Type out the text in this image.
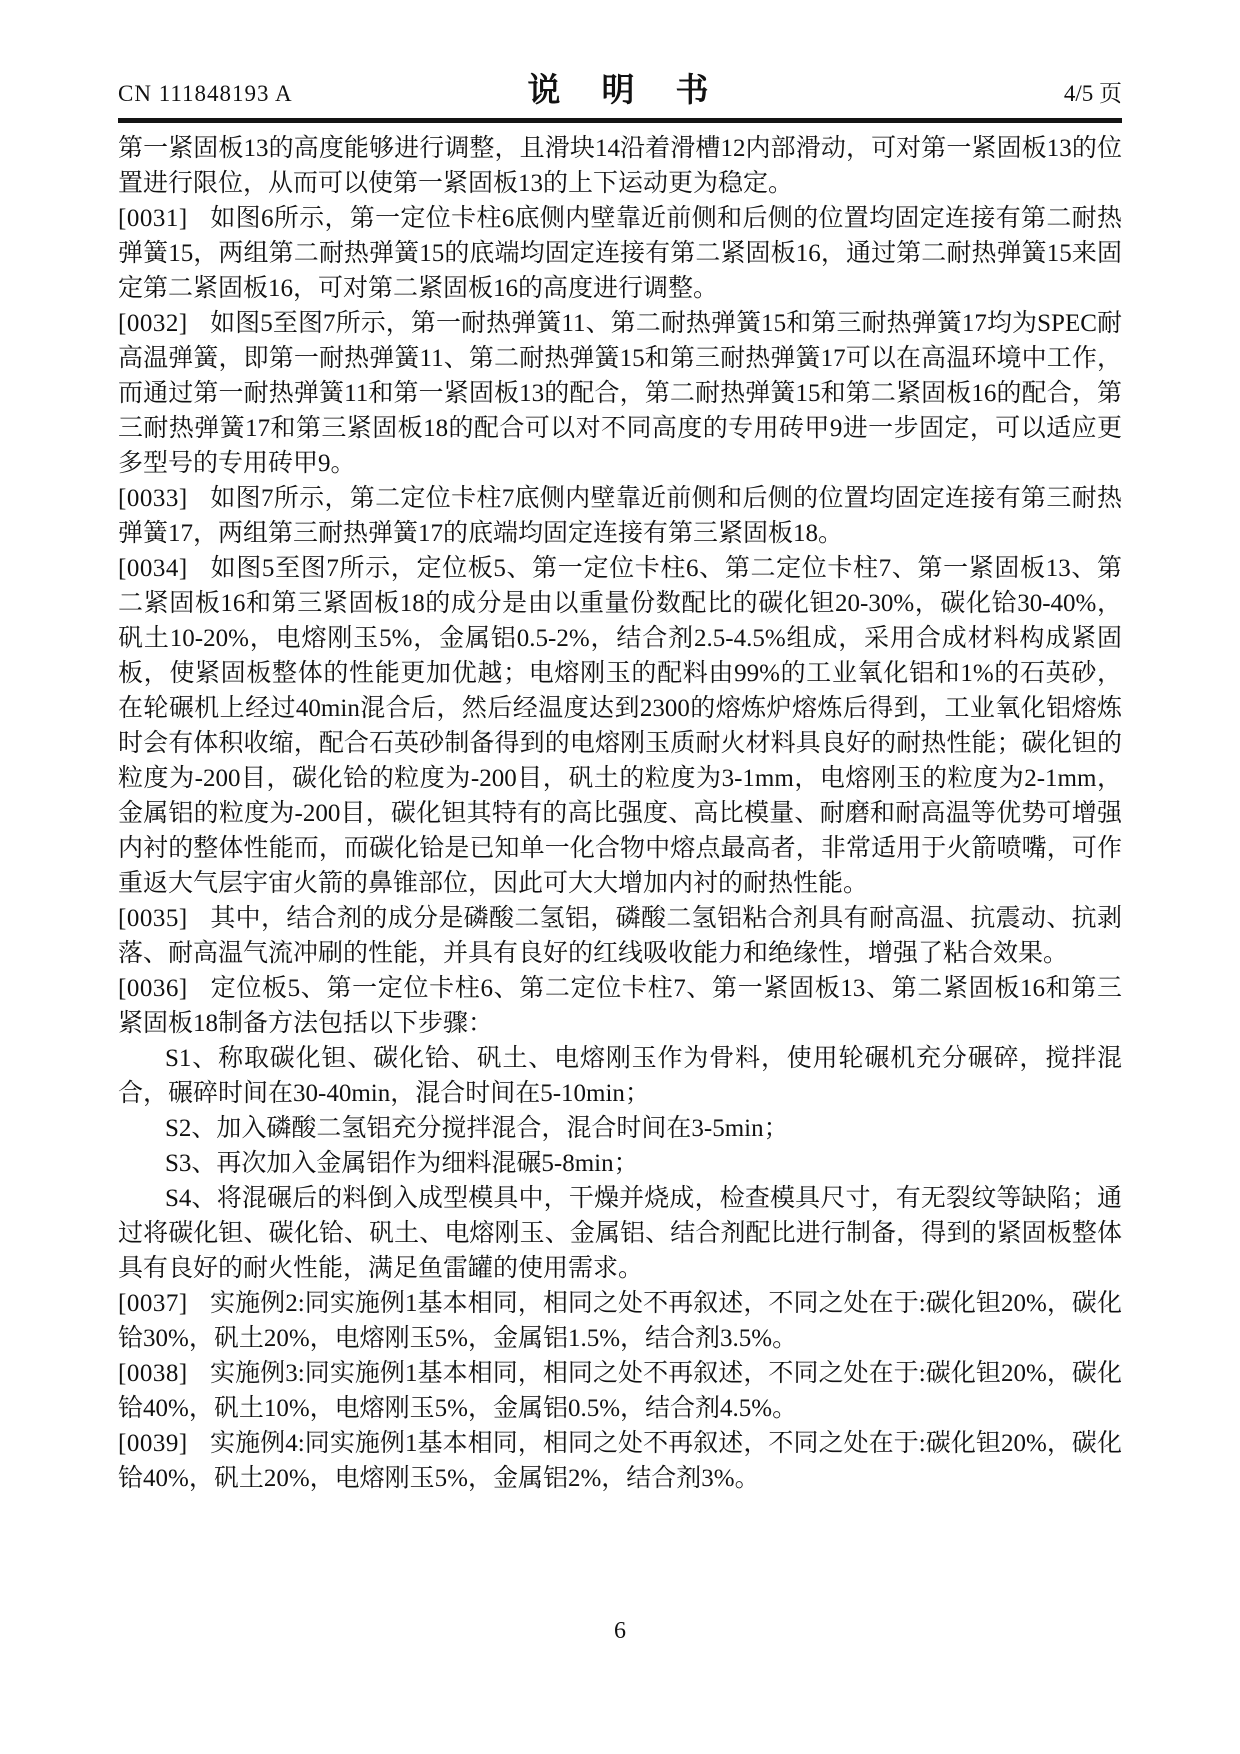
CN 111848193 A	说　明　书	4/5 页

第一紧固板13的高度能够进行调整，且滑块14沿着滑槽12内部滑动，可对第一紧固板13的位置进行限位，从而可以使第一紧固板13的上下运动更为稳定。

[0031] 如图6所示，第一定位卡柱6底侧内壁靠近前侧和后侧的位置均固定连接有第二耐热弹簧15，两组第二耐热弹簧15的底端均固定连接有第二紧固板16，通过第二耐热弹簧15来固定第二紧固板16，可对第二紧固板16的高度进行调整。

[0032] 如图5至图7所示，第一耐热弹簧11、第二耐热弹簧15和第三耐热弹簧17均为SPEC耐高温弹簧，即第一耐热弹簧11、第二耐热弹簧15和第三耐热弹簧17可以在高温环境中工作，而通过第一耐热弹簧11和第一紧固板13的配合，第二耐热弹簧15和第二紧固板16的配合，第三耐热弹簧17和第三紧固板18的配合可以对不同高度的专用砖甲9进一步固定，可以适应更多型号的专用砖甲9。

[0033] 如图7所示，第二定位卡柱7底侧内壁靠近前侧和后侧的位置均固定连接有第三耐热弹簧17，两组第三耐热弹簧17的底端均固定连接有第三紧固板18。

[0034] 如图5至图7所示，定位板5、第一定位卡柱6、第二定位卡柱7、第一紧固板13、第二紧固板16和第三紧固板18的成分是由以重量份数配比的碳化钽20-30%，碳化铪30-40%，矾土10-20%，电熔刚玉5%，金属铝0.5-2%，结合剂2.5-4.5%组成，采用合成材料构成紧固板，使紧固板整体的性能更加优越；电熔刚玉的配料由99%的工业氧化铝和1%的石英砂，在轮碾机上经过40min混合后，然后经温度达到2300的熔炼炉熔炼后得到，工业氧化铝熔炼时会有体积收缩，配合石英砂制备得到的电熔刚玉质耐火材料具良好的耐热性能；碳化钽的粒度为-200目，碳化铪的粒度为-200目，矾土的粒度为3-1mm，电熔刚玉的粒度为2-1mm，金属铝的粒度为-200目，碳化钽其特有的高比强度、高比模量、耐磨和耐高温等优势可增强内衬的整体性能而，而碳化铪是已知单一化合物中熔点最高者，非常适用于火箭喷嘴，可作重返大气层宇宙火箭的鼻锥部位，因此可大大增加内衬的耐热性能。

[0035] 其中，结合剂的成分是磷酸二氢铝，磷酸二氢铝粘合剂具有耐高温、抗震动、抗剥落、耐高温气流冲刷的性能，并具有良好的红线吸收能力和绝缘性，增强了粘合效果。

[0036] 定位板5、第一定位卡柱6、第二定位卡柱7、第一紧固板13、第二紧固板16和第三紧固板18制备方法包括以下步骤：

S1、称取碳化钽、碳化铪、矾土、电熔刚玉作为骨料，使用轮碾机充分碾碎，搅拌混合，碾碎时间在30-40min，混合时间在5-10min；

S2、加入磷酸二氢铝充分搅拌混合，混合时间在3-5min；

S3、再次加入金属铝作为细料混碾5-8min；

S4、将混碾后的料倒入成型模具中，干燥并烧成，检查模具尺寸，有无裂纹等缺陷；通过将碳化钽、碳化铪、矾土、电熔刚玉、金属铝、结合剂配比进行制备，得到的紧固板整体具有良好的耐火性能，满足鱼雷罐的使用需求。

[0037] 实施例2:同实施例1基本相同，相同之处不再叙述，不同之处在于:碳化钽20%，碳化铪30%，矾土20%，电熔刚玉5%，金属铝1.5%，结合剂3.5%。

[0038] 实施例3:同实施例1基本相同，相同之处不再叙述，不同之处在于:碳化钽20%，碳化铪40%，矾土10%，电熔刚玉5%，金属铝0.5%，结合剂4.5%。

[0039] 实施例4:同实施例1基本相同，相同之处不再叙述，不同之处在于:碳化钽20%，碳化铪40%，矾土20%，电熔刚玉5%，金属铝2%，结合剂3%。

6
